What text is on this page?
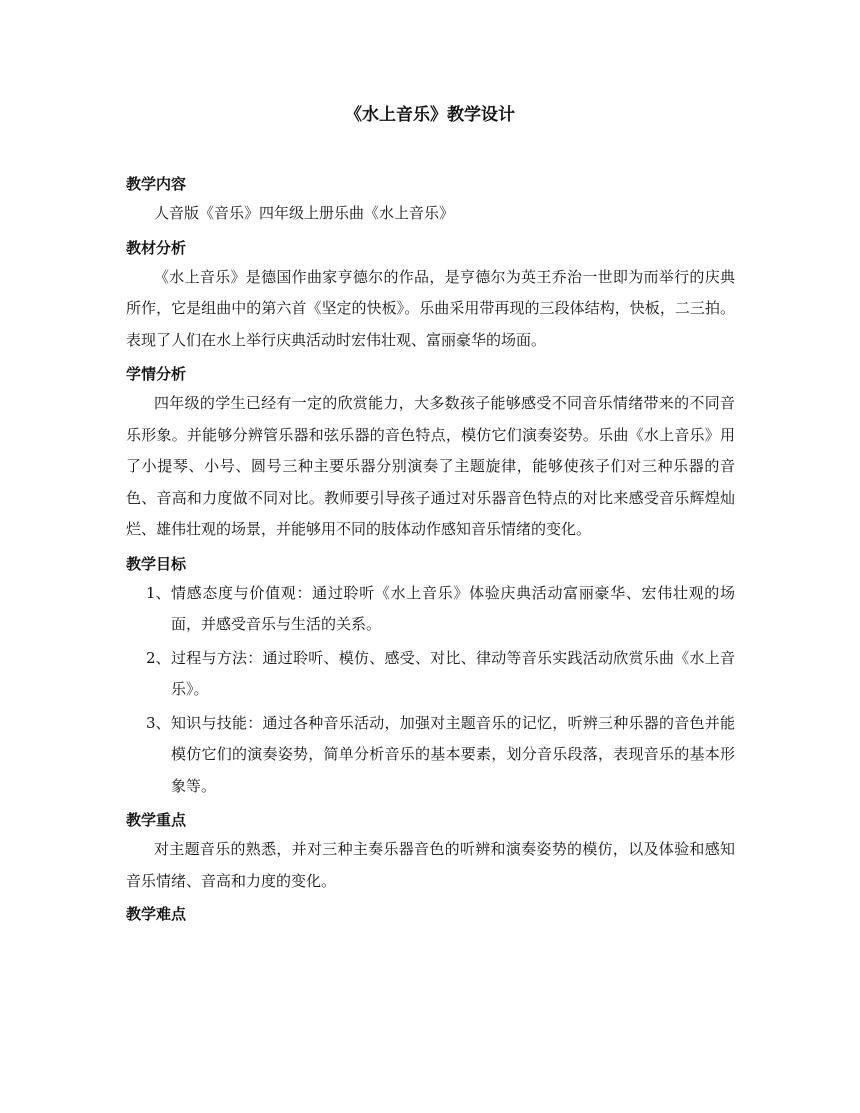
《水上音乐》教学设计
教学内容

人音版《音乐》四年级上册乐曲《水上音乐》

教材分析

《水上音乐》是德国作曲家亨德尔的作品，是亨德尔为英王乔治一世即为而举行的庆典所作，它是组曲中的第六首《坚定的快板》。乐曲采用带再现的三段体结构，快板，二三拍。表现了人们在水上举行庆典活动时宏伟壮观、富丽豪华的场面。

学情分析

四年级的学生已经有一定的欣赏能力，大多数孩子能够感受不同音乐情绪带来的不同音乐形象。并能够分辨管乐器和弦乐器的音色特点，模仿它们演奏姿势。乐曲《水上音乐》用了小提琴、小号、圆号三种主要乐器分别演奏了主题旋律，能够使孩子们对三种乐器的音色、音高和力度做不同对比。教师要引导孩子通过对乐器音色特点的对比来感受音乐辉煌灿烂、雄伟壮观的场景，并能够用不同的肢体动作感知音乐情绪的变化。

教学目标
1、 情感态度与价值观：通过聆听《水上音乐》体验庆典活动富丽豪华、宏伟壮观的场面，并感受音乐与生活的关系。
2、 过程与方法：通过聆听、模仿、感受、对比、律动等音乐实践活动欣赏乐曲《水上音乐》。
3、 知识与技能：通过各种音乐活动，加强对主题音乐的记忆，听辨三种乐器的音色并能模仿它们的演奏姿势，简单分析音乐的基本要素，划分音乐段落，表现音乐的基本形象等。
教学重点

对主题音乐的熟悉，并对三种主奏乐器音色的听辨和演奏姿势的模仿，以及体验和感知音乐情绪、音高和力度的变化。

教学难点
